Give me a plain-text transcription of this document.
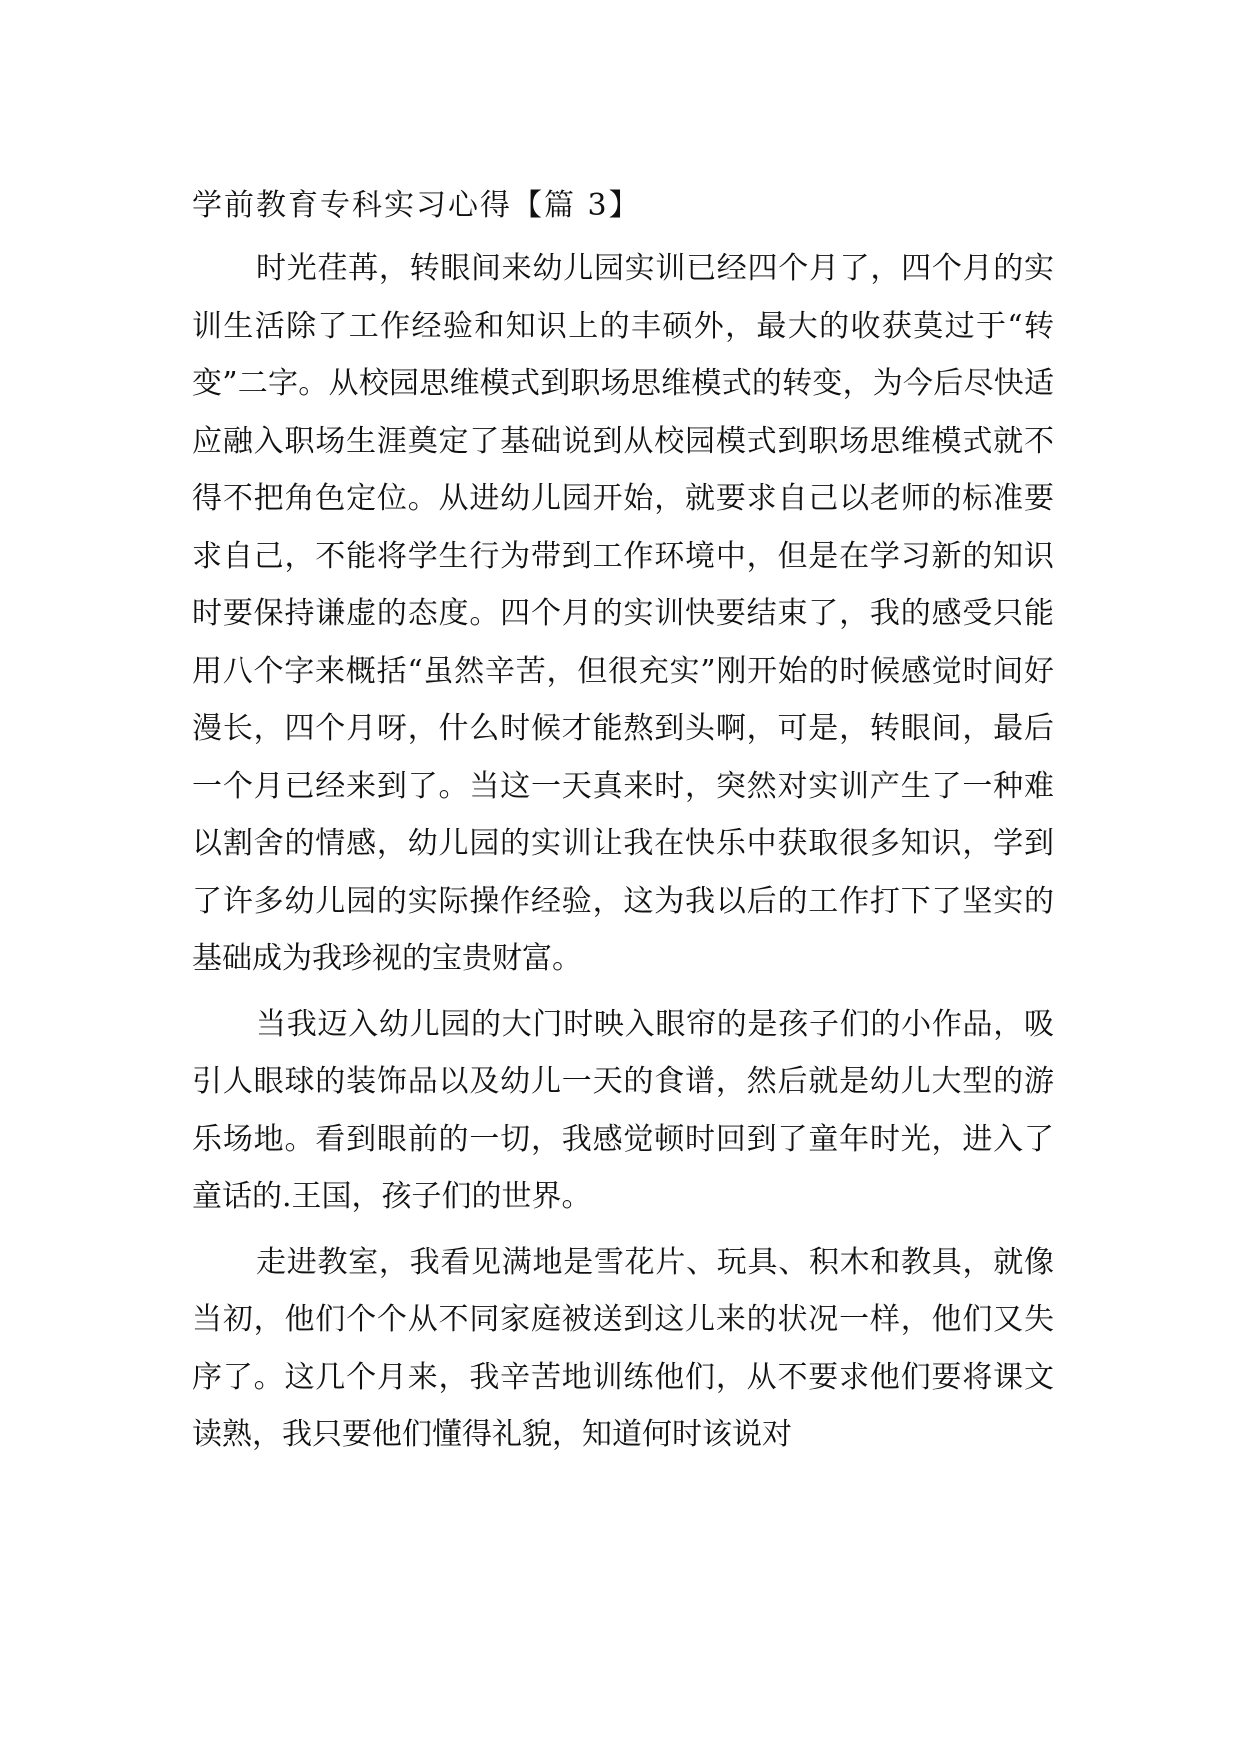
学前教育专科实习心得【篇 3】

时光荏苒，转眼间来幼儿园实训已经四个月了，四个月的实训生活除了工作经验和知识上的丰硕外，最大的收获莫过于“转变”二字。从校园思维模式到职场思维模式的转变，为今后尽快适应融入职场生涯奠定了基础说到从校园模式到职场思维模式就不得不把角色定位。从进幼儿园开始，就要求自己以老师的标准要求自己，不能将学生行为带到工作环境中，但是在学习新的知识时要保持谦虚的态度。四个月的实训快要结束了，我的感受只能用八个字来概括“虽然辛苦，但很充实”刚开始的时候感觉时间好漫长，四个月呀，什么时候才能熬到头啊，可是，转眼间，最后一个月已经来到了。当这一天真来时，突然对实训产生了一种难以割舍的情感，幼儿园的实训让我在快乐中获取很多知识，学到了许多幼儿园的实际操作经验，这为我以后的工作打下了坚实的基础成为我珍视的宝贵财富。

当我迈入幼儿园的大门时映入眼帘的是孩子们的小作品，吸引人眼球的装饰品以及幼儿一天的食谱，然后就是幼儿大型的游乐场地。看到眼前的一切，我感觉顿时回到了童年时光，进入了童话的.王国，孩子们的世界。

走进教室，我看见满地是雪花片、玩具、积木和教具，就像当初，他们个个从不同家庭被送到这儿来的状况一样，他们又失序了。这几个月来，我辛苦地训练他们，从不要求他们要将课文读熟，我只要他们懂得礼貌，知道何时该说对
